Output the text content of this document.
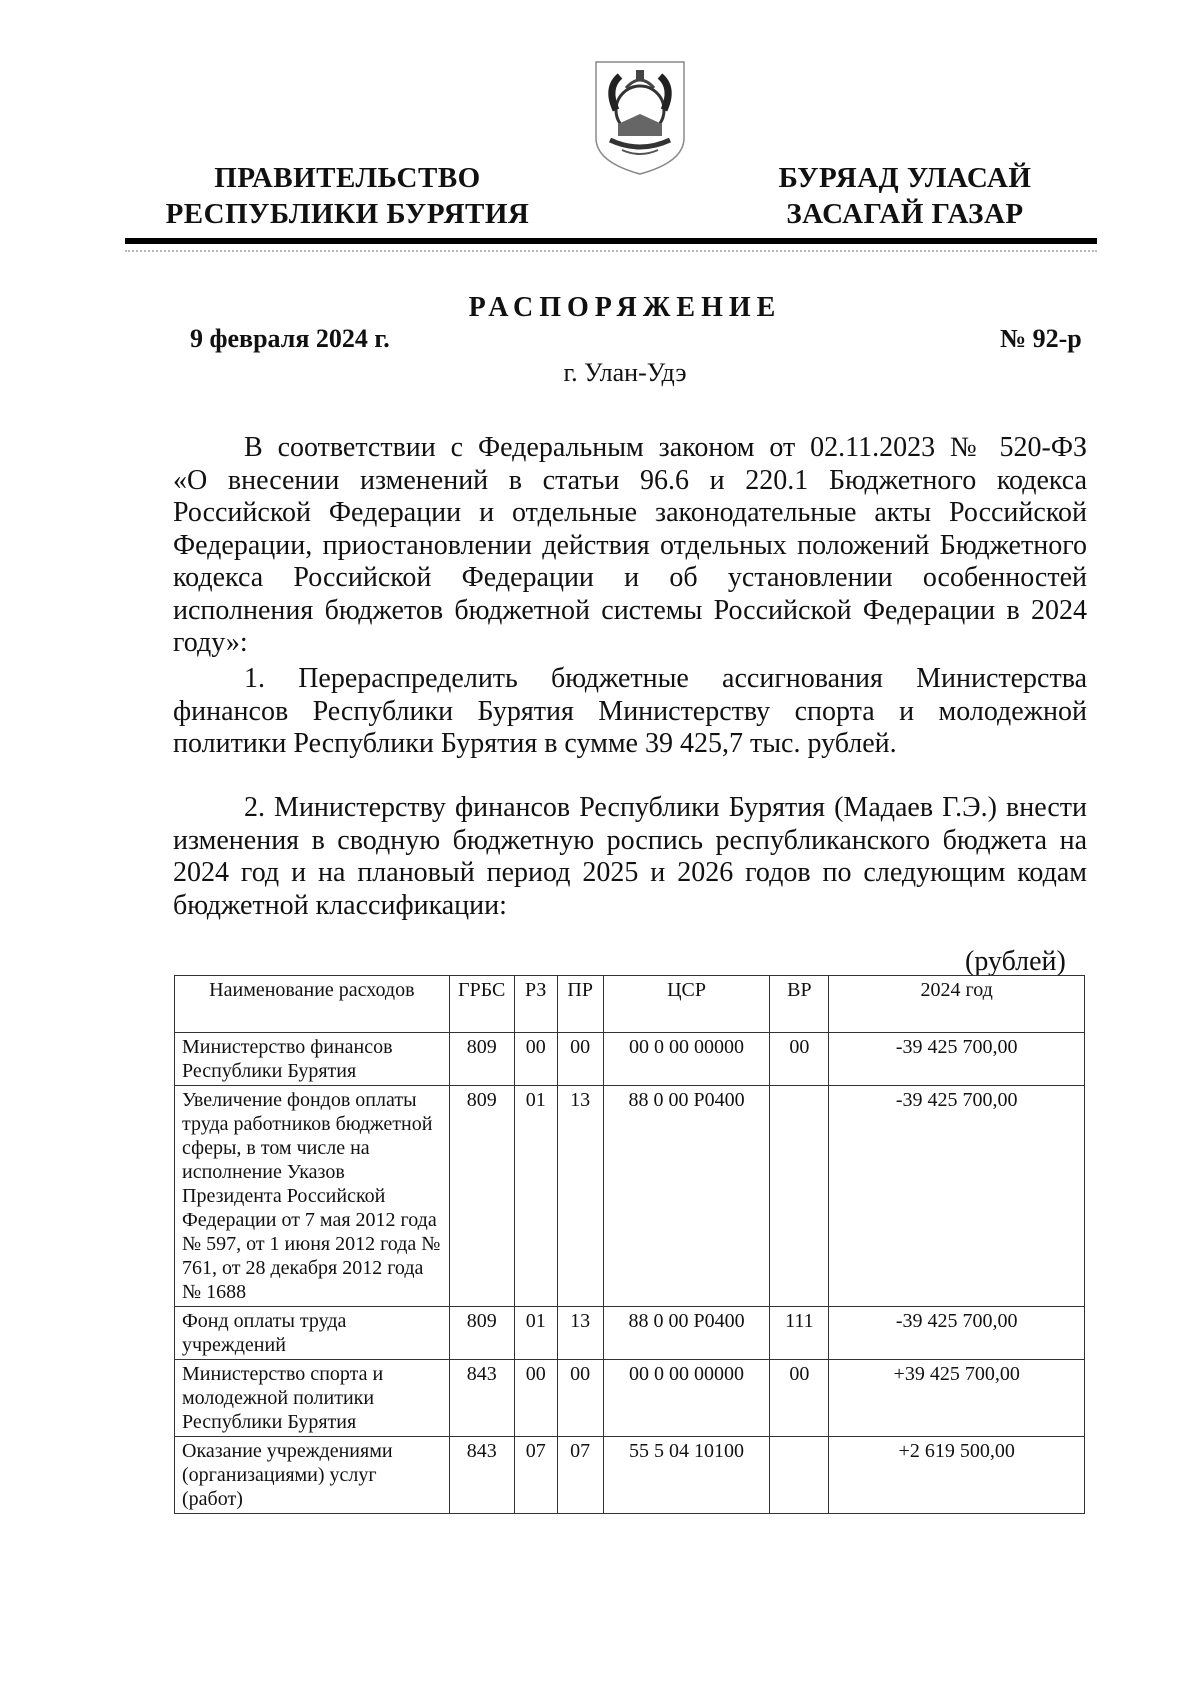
ПРАВИТЕЛЬСТВО
РЕСПУБЛИКИ БУРЯТИЯ
БУРЯАД УЛАСАЙ
ЗАСАГАЙ ГАЗАР
РАСПОРЯЖЕНИЕ
9 февраля 2024 г.	№ 92-р
г. Улан-Удэ

В соответствии с Федеральным законом от 02.11.2023 № 520-ФЗ

«О внесении изменений в статьи 96.6 и 220.1 Бюджетного кодекса Российской Федерации и отдельные законодательные акты Российской Федерации, приостановлении действия отдельных положений Бюджетного кодекса Российской Федерации и об установлении особенностей исполнения бюджетов бюджетной системы Российской Федерации в 2024 году»:

1. Перераспределить бюджетные ассигнования Министерства финансов Республики Бурятия Министерству спорта и молодежной политики Республики Бурятия в сумме 39 425,7 тыс. рублей.

2. Министерству финансов Республики Бурятия (Мадаев Г.Э.) внести изменения в сводную бюджетную роспись республиканского бюджета на 2024 год и на плановый период 2025 и 2026 годов по следующим кодам бюджетной классификации:

(рублей)
Наименование расходов	ГРБС	РЗ	ПР	ЦСР	ВР	2024 год
Министерство финансов Республики Бурятия	809	00	00	00 0 00 00000	00	-39 425 700,00
Увеличение фондов оплаты труда работников бюджетной сферы, в том числе на исполнение Указов Президента Российской Федерации от 7 мая 2012 года № 597, от 1 июня 2012 года № 761, от 28 декабря 2012 года № 1688	809	01	13	88 0 00 Р0400		-39 425 700,00
Фонд оплаты труда учреждений	809	01	13	88 0 00 Р0400	111	-39 425 700,00
Министерство спорта и молодежной политики Республики Бурятия	843	00	00	00 0 00 00000	00	+39 425 700,00
Оказание учреждениями (организациями) услуг (работ)	843	07	07	55 5 04 10100		+2 619 500,00
